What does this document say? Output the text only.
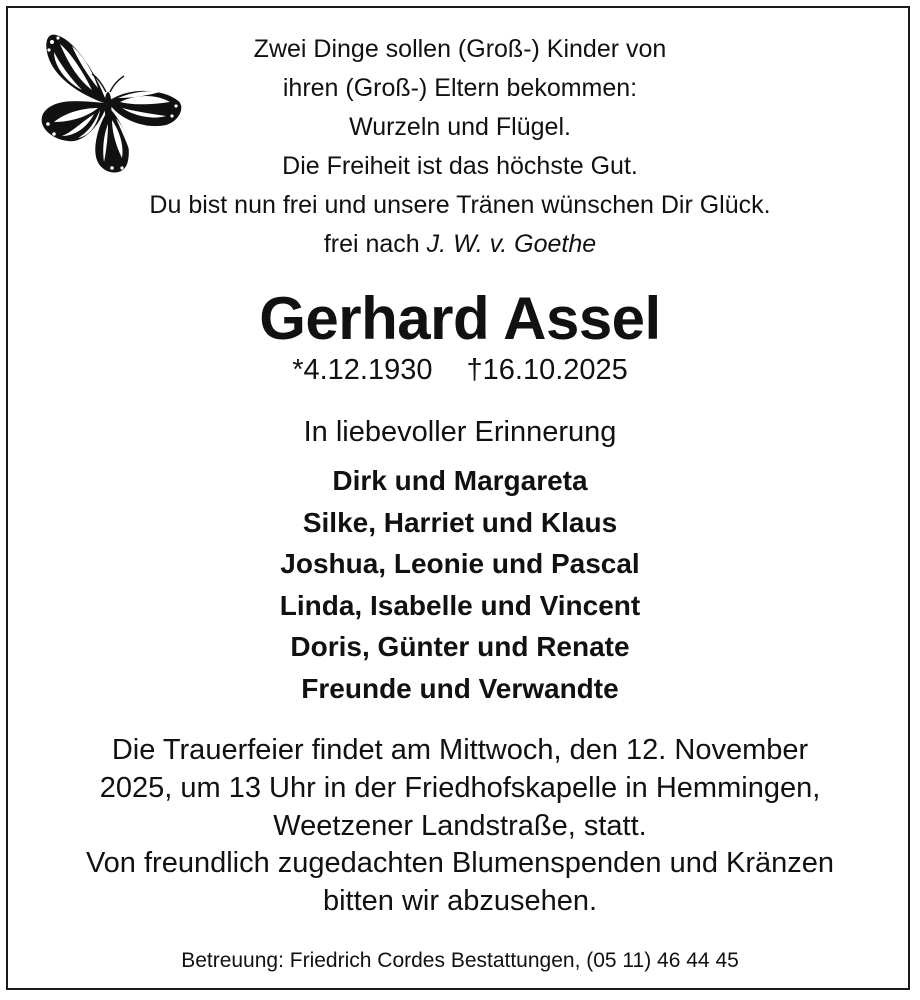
Zwei Dinge sollen (Groß-) Kinder von
ihren (Groß-) Eltern bekommen:
Wurzeln und Flügel.
Die Freiheit ist das höchste Gut.
Du bist nun frei und unsere Tränen wünschen Dir Glück.
frei nach J. W. v. Goethe
Gerhard Assel
*4.12.1930 †16.10.2025
In liebevoller Erinnerung
Dirk und Margareta
Silke, Harriet und Klaus
Joshua, Leonie und Pascal
Linda, Isabelle und Vincent
Doris, Günter und Renate
Freunde und Verwandte
Die Trauerfeier findet am Mittwoch, den 12. November
2025, um 13 Uhr in der Friedhofskapelle in Hemmingen,
Weetzener Landstraße, statt.
Von freundlich zugedachten Blumenspenden und Kränzen
bitten wir abzusehen.
Betreuung: Friedrich Cordes Bestattungen, (05 11) 46 44 45
